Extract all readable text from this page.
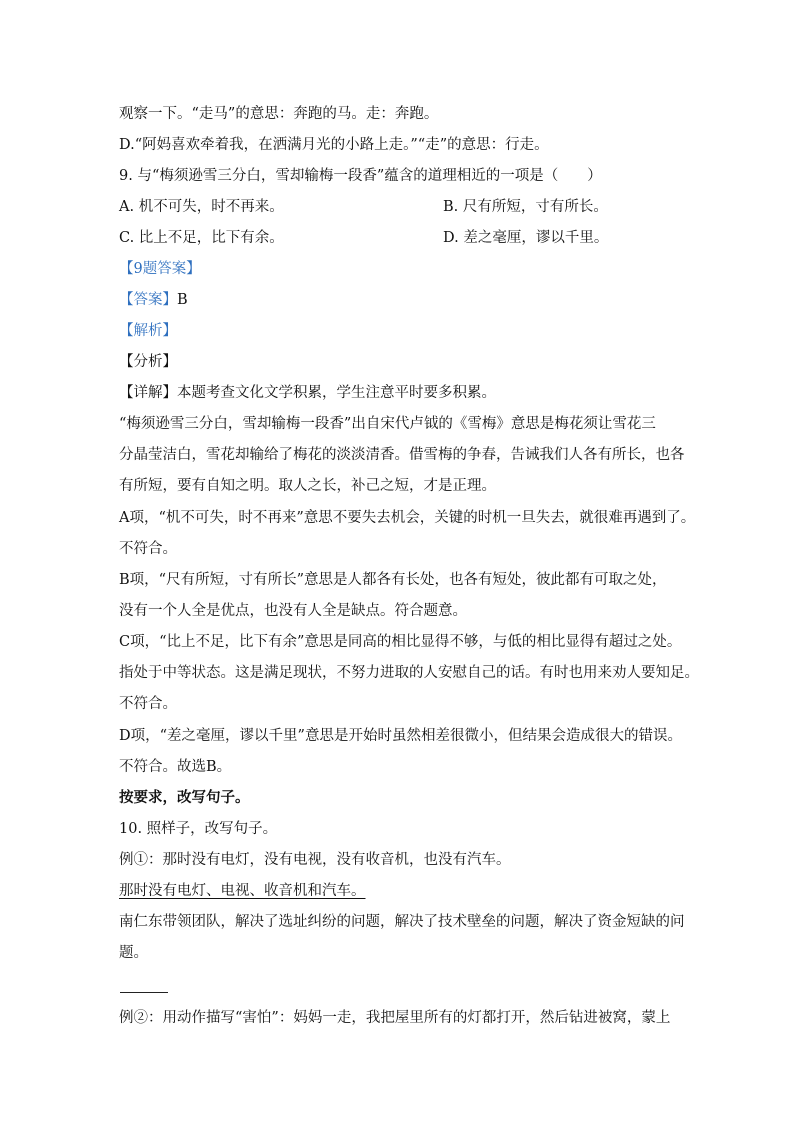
观察一下。“走马”的意思：奔跑的马。走：奔跑。
D.“阿妈喜欢牵着我，在洒满月光的小路上走。”“走”的意思：行走。
9. 与“梅须逊雪三分白，雪却输梅一段香”蕴含的道理相近的一项是（　　）
A. 机不可失，时不再来。	B. 尺有所短，寸有所长。
C. 比上不足，比下有余。	D. 差之毫厘，谬以千里。
【9题答案】
【答案】B
【解析】
【分析】
【详解】本题考查文化文学积累，学生注意平时要多积累。
“梅须逊雪三分白，雪却输梅一段香”出自宋代卢钺的《雪梅》意思是梅花须让雪花三
分晶莹洁白，雪花却输给了梅花的淡淡清香。借雪梅的争春，告诫我们人各有所长，也各
有所短，要有自知之明。取人之长，补己之短，才是正理。
A项，“机不可失，时不再来”意思不要失去机会，关键的时机一旦失去，就很难再遇到了。
不符合。
B项，“尺有所短，寸有所长”意思是人都各有长处，也各有短处，彼此都有可取之处，
没有一个人全是优点，也没有人全是缺点。符合题意。
C项，“比上不足，比下有余”意思是同高的相比显得不够，与低的相比显得有超过之处。
指处于中等状态。这是满足现状，不努力进取的人安慰自己的话。有时也用来劝人要知足。
不符合。
D项，“差之毫厘，谬以千里”意思是开始时虽然相差很微小，但结果会造成很大的错误。
不符合。故选B。
按要求，改写句子。
10. 照样子，改写句子。
例①：那时没有电灯，没有电视，没有收音机，也没有汽车。
那时没有电灯、电视、收音机和汽车。
南仁东带领团队，解决了选址纠纷的问题，解决了技术壁垒的问题，解决了资金短缺的问
题。
例②：用动作描写“害怕”：妈妈一走，我把屋里所有的灯都打开，然后钻进被窝，蒙上
